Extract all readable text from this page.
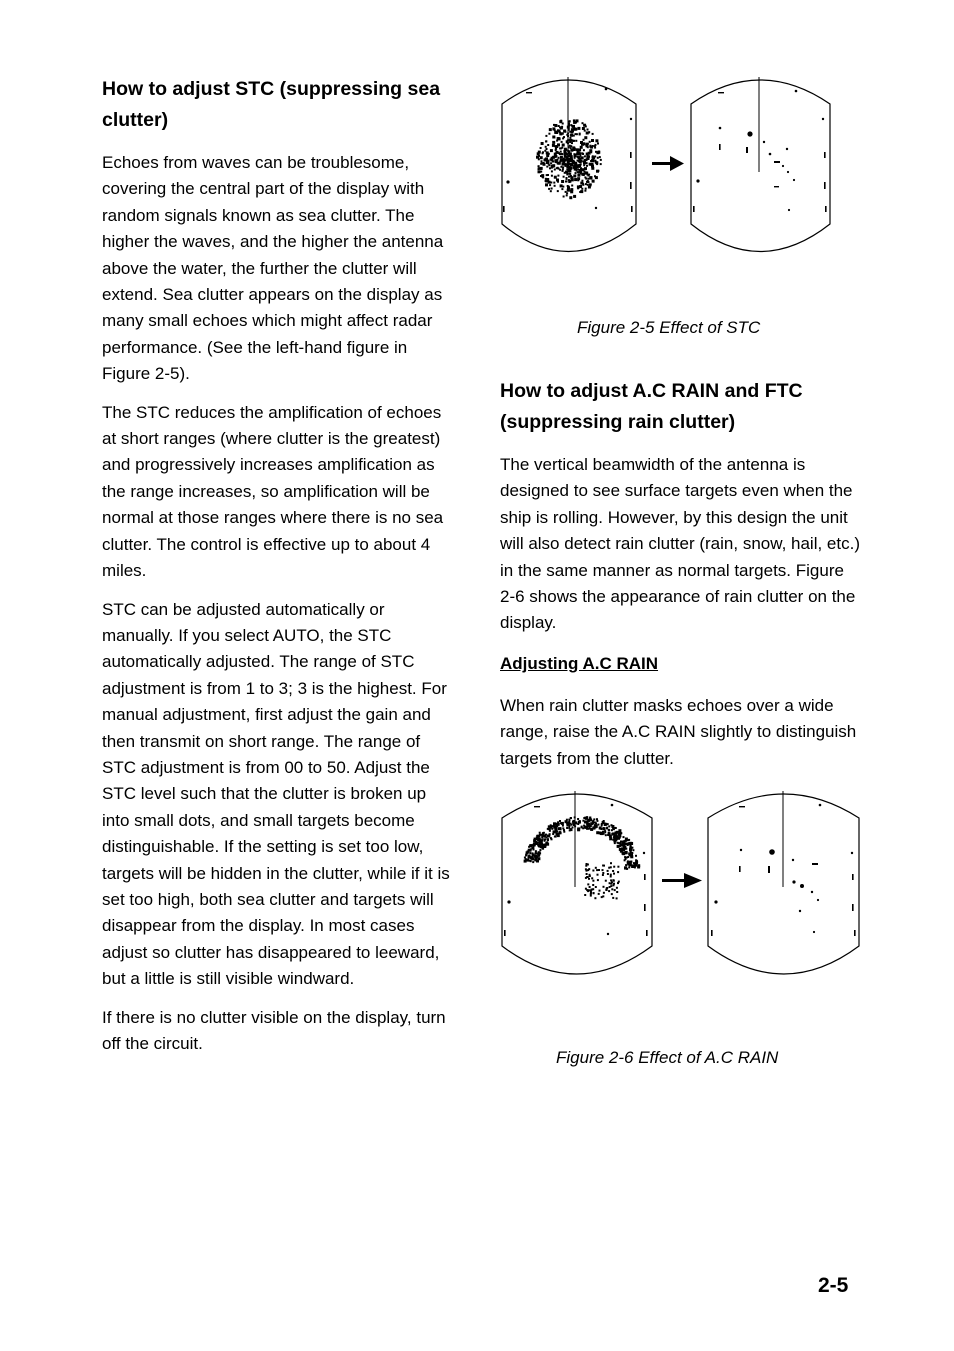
How to adjust STC (suppressing sea clutter)

Echoes from waves can be troublesome, covering the central part of the display with random signals known as sea clutter. The higher the waves, and the higher the antenna above the water, the further the clutter will extend. Sea clutter appears on the display as many small echoes which might affect radar performance. (See the left-hand figure in Figure 2-5).

The STC reduces the amplification of echoes at short ranges (where clutter is the greatest) and progressively increases amplification as the range increases, so amplification will be normal at those ranges where there is no sea clutter. The control is effective up to about 4 miles.

STC can be adjusted automatically or manually. If you select AUTO, the STC automatically adjusted. The range of STC adjustment is from 1 to 3; 3 is the highest. For manual adjustment, first adjust the gain and then transmit on short range. The range of STC adjustment is from 00 to 50. Adjust the STC level such that the clutter is broken up into small dots, and small targets become distinguishable. If the setting is set too low, targets will be hidden in the clutter, while if it is set too high, both sea clutter and targets will disappear from the display. In most cases adjust so clutter has disappeared to leeward, but a little is still visible windward.

If there is no clutter visible on the display, turn off the circuit.

Figure 2-5 Effect of STC
How to adjust A.C RAIN and FTC (suppressing rain clutter)

The vertical beamwidth of the antenna is designed to see surface targets even when the ship is rolling. However, by this design the unit will also detect rain clutter (rain, snow, hail, etc.) in the same manner as normal targets. Figure 2-6 shows the appearance of rain clutter on the display.

Adjusting A.C RAIN

When rain clutter masks echoes over a wide range, raise the A.C RAIN slightly to distinguish targets from the clutter.

Figure 2-6 Effect of A.C RAIN
2-5
